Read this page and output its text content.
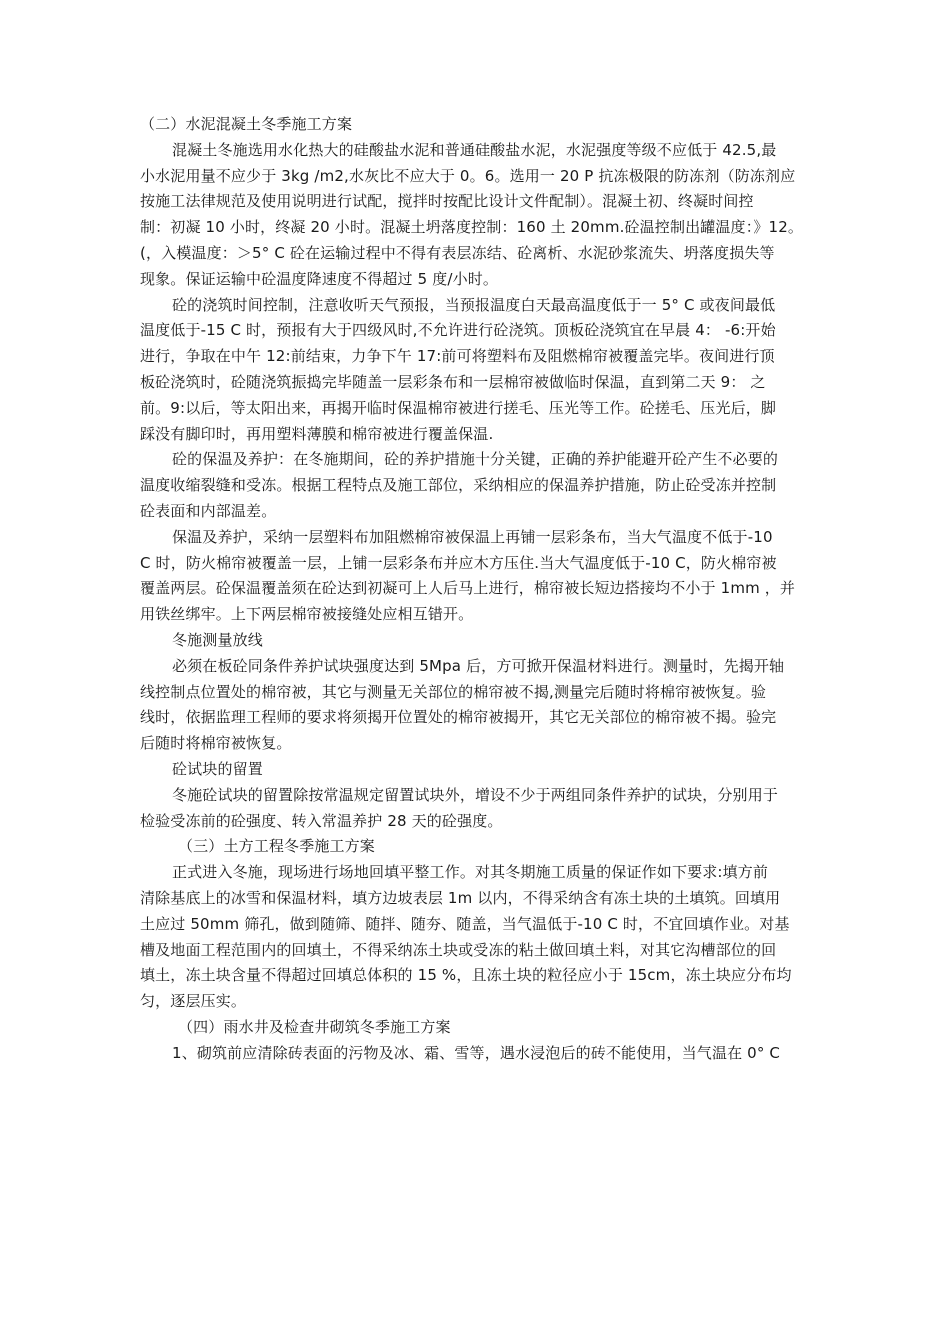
（二）水泥混凝土冬季施工方案
混凝土冬施选用水化热大的硅酸盐水泥和普通硅酸盐水泥，水泥强度等级不应低于 42.5,最
小水泥用量不应少于 3kg /m2,水灰比不应大于 0。6。选用一 20 P 抗冻极限的防冻剂（防冻剂应
按施工法律规范及使用说明进行试配，搅拌时按配比设计文件配制）。混凝土初、终凝时间控
制：初凝 10 小时，终凝 20 小时。混凝土坍落度控制：160 土 20mm.砼温控制出罐温度：》12。
(，入模温度：＞5° C 砼在运输过程中不得有表层冻结、砼离析、水泥砂浆流失、坍落度损失等
现象。保证运输中砼温度降速度不得超过 5 度/小时。
砼的浇筑时间控制，注意收听天气预报，当预报温度白天最高温度低于一 5° C 或夜间最低
温度低于-15 C 时，预报有大于四级风时,不允许进行砼浇筑。顶板砼浇筑宜在早晨 4： -6:开始
进行，争取在中午 12:前结束，力争下午 17:前可将塑料布及阻燃棉帘被覆盖完毕。夜间进行顶
板砼浇筑时，砼随浇筑振捣完毕随盖一层彩条布和一层棉帘被做临时保温，直到第二天 9： 之
前。9:以后，等太阳出来，再揭开临时保温棉帘被进行搓毛、压光等工作。砼搓毛、压光后，脚
踩没有脚印时，再用塑料薄膜和棉帘被进行覆盖保温.
砼的保温及养护：在冬施期间，砼的养护措施十分关键，正确的养护能避开砼产生不必要的
温度收缩裂缝和受冻。根据工程特点及施工部位，采纳相应的保温养护措施，防止砼受冻并控制
砼表面和内部温差。
保温及养护，采纳一层塑料布加阻燃棉帘被保温上再铺一层彩条布，当大气温度不低于-10
C 时，防火棉帘被覆盖一层，上铺一层彩条布并应木方压住.当大气温度低于-10 C，防火棉帘被
覆盖两层。砼保温覆盖须在砼达到初凝可上人后马上进行，棉帘被长短边搭接均不小于 1mm ，并
用铁丝绑牢。上下两层棉帘被接缝处应相互错开。
冬施测量放线
必须在板砼同条件养护试块强度达到 5Mpa 后，方可掀开保温材料进行。测量时，先揭开轴
线控制点位置处的棉帘被，其它与测量无关部位的棉帘被不揭,测量完后随时将棉帘被恢复。验
线时，依据监理工程师的要求将须揭开位置处的棉帘被揭开，其它无关部位的棉帘被不揭。验完
后随时将棉帘被恢复。
砼试块的留置
冬施砼试块的留置除按常温规定留置试块外，增设不少于两组同条件养护的试块，分别用于
检验受冻前的砼强度、转入常温养护 28 天的砼强度。
（三）土方工程冬季施工方案
正式进入冬施，现场进行场地回填平整工作。对其冬期施工质量的保证作如下要求:填方前
清除基底上的冰雪和保温材料，填方边坡表层 1m 以内，不得采纳含有冻土块的土填筑。回填用
土应过 50mm 筛孔，做到随筛、随拌、随夯、随盖，当气温低于-10 C 时，不宜回填作业。对基
槽及地面工程范围内的回填土，不得采纳冻土块或受冻的粘土做回填土料，对其它沟槽部位的回
填土，冻土块含量不得超过回填总体积的 15 %，且冻土块的粒径应小于 15cm，冻土块应分布均
匀，逐层压实。
（四）雨水井及检查井砌筑冬季施工方案
1、砌筑前应清除砖表面的污物及冰、霜、雪等，遇水浸泡后的砖不能使用，当气温在 0° C
